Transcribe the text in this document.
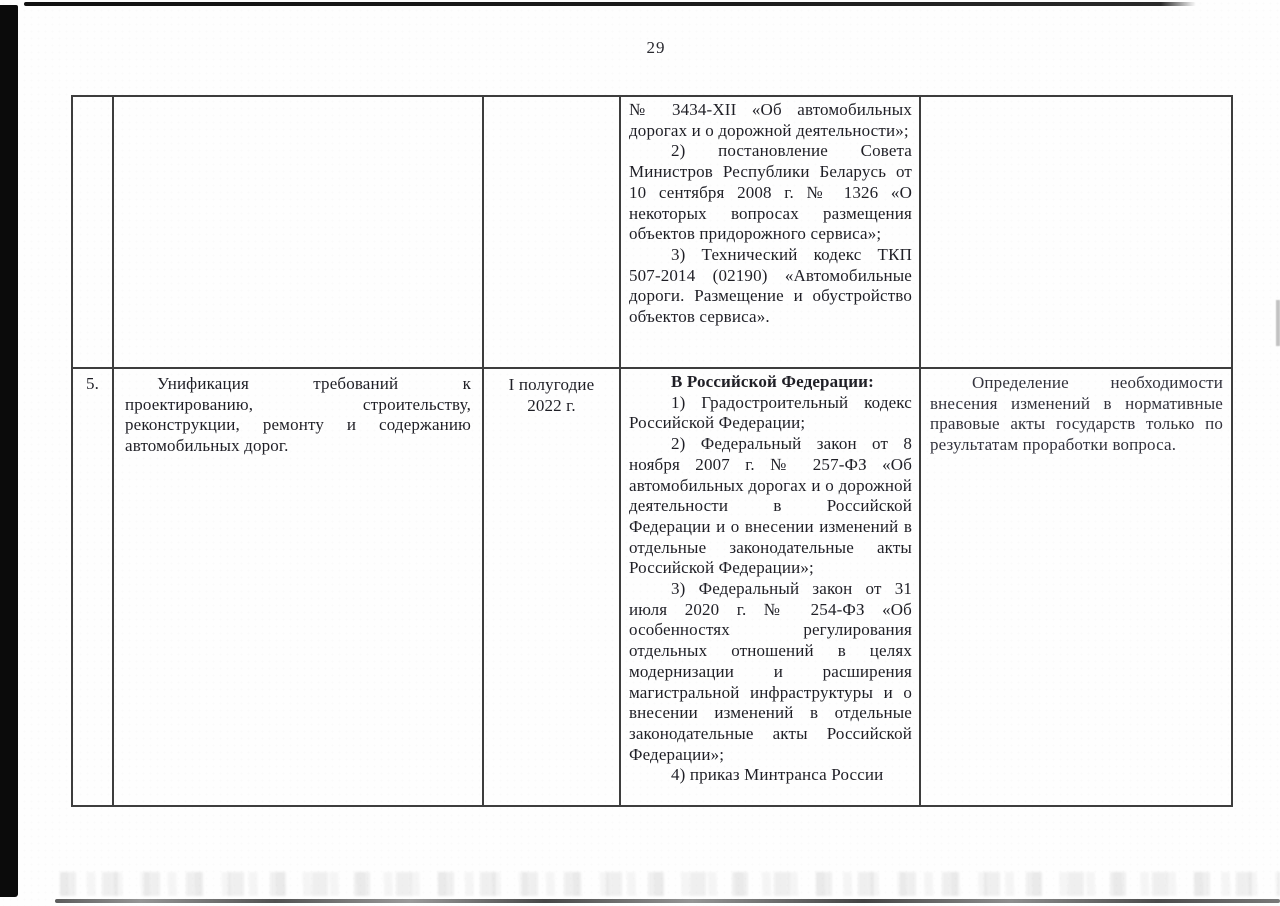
29

№ 3434-XII «Об автомобильных дорогах и о дорожной деятельности»;

2) постановление Совета Министров Республики Беларусь от 10 сентября 2008 г. № 1326 «О некоторых вопросах размещения объектов придорожного сервиса»;

3) Технический кодекс ТКП 507-2014 (02190) «Автомобильные дороги. Размещение и обустройство объектов сервиса».

5.	Унификация требований к проектированию, строительству, реконструкции, ремонту и содержанию автомобильных дорог.

I полугодие

2022 г.

В Российской Федерации:

1) Градостроительный кодекс Российской Федерации;

2) Федеральный закон от 8 ноября 2007 г. № 257-ФЗ «Об автомобильных дорогах и о дорожной деятельности в Российской Федерации и о внесении изменений в отдельные законодательные акты Российской Федерации»;

3) Федеральный закон от 31 июля 2020 г. № 254-ФЗ «Об особенностях регулирования отдельных отношений в целях модернизации и расширения магистральной инфраструктуры и о внесении изменений в отдельные законодательные акты Российской Федерации»;

4) приказ Минтранса России

Определение необходимости внесения изменений в нормативные правовые акты государств только по результатам проработки вопроса.
